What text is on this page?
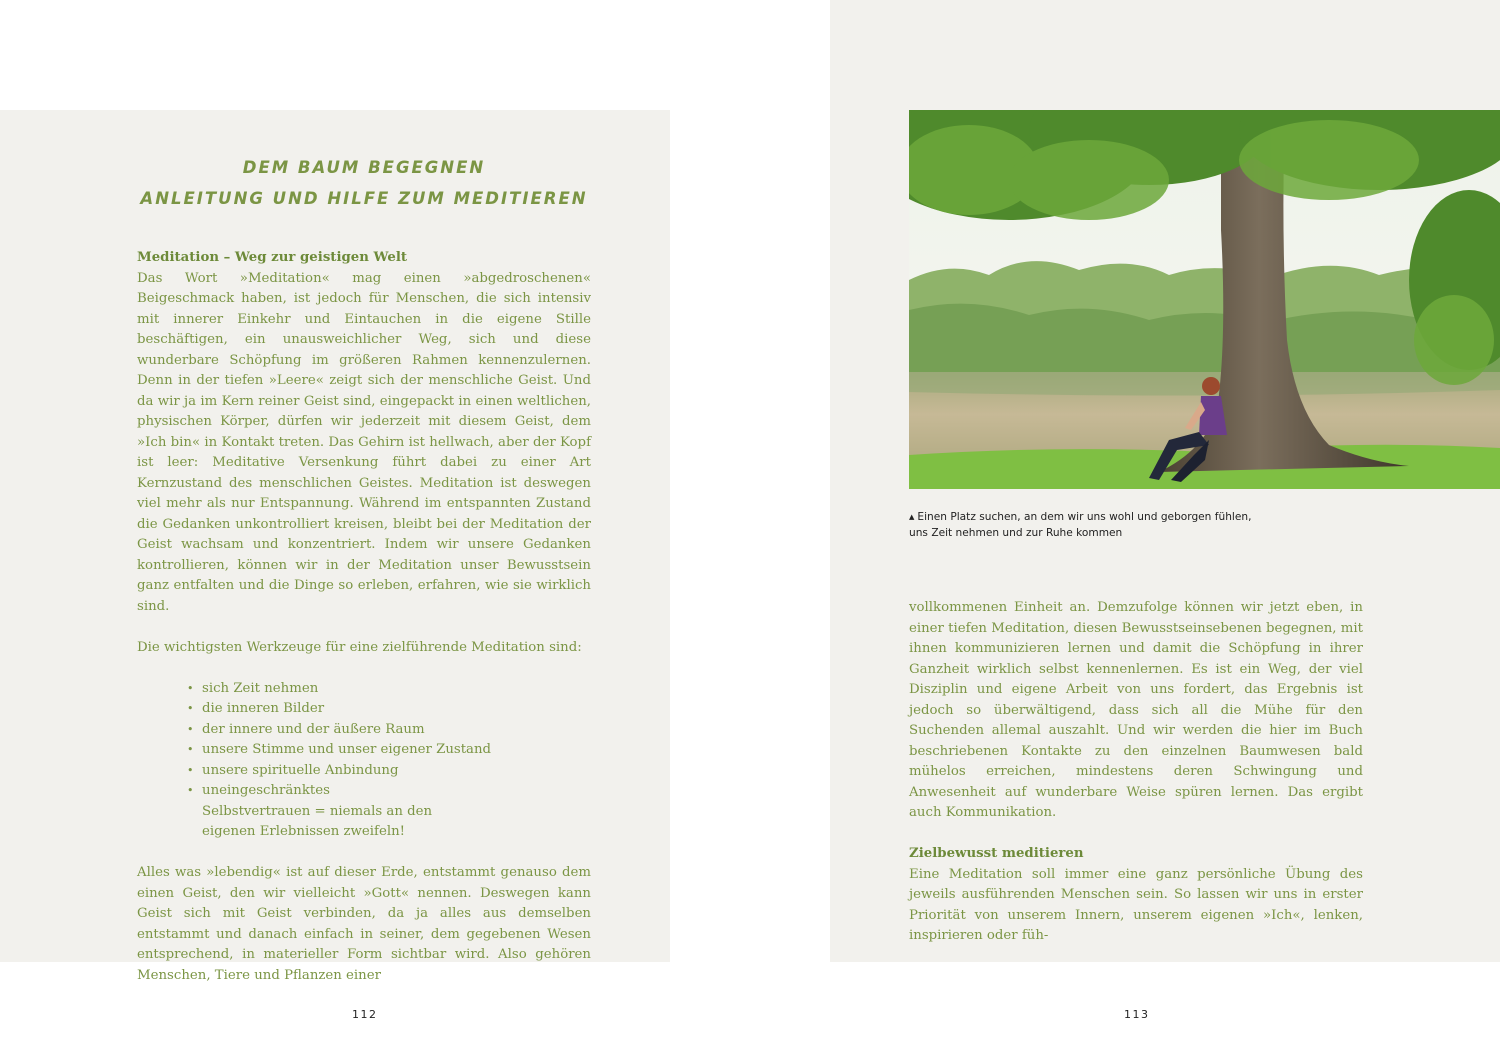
DEM BAUM BEGEGNEN
ANLEITUNG UND HILFE ZUM MEDITIEREN

Meditation – Weg zur geistigen Welt

Das Wort »Meditation« mag einen »abgedroschenen« Beigeschmack haben, ist jedoch für Menschen, die sich intensiv mit innerer Einkehr und Eintauchen in die eigene Stille beschäftigen, ein unausweichlicher Weg, sich und diese wunderbare Schöpfung im größeren Rahmen kennenzulernen. Denn in der tiefen »Leere« zeigt sich der menschliche Geist. Und da wir ja im Kern reiner Geist sind, eingepackt in einen weltlichen, physischen Körper, dürfen wir jederzeit mit diesem Geist, dem »Ich bin« in Kontakt treten. Das Gehirn ist hellwach, aber der Kopf ist leer: Meditative Versenkung führt dabei zu einer Art Kernzustand des menschlichen Geistes. Meditation ist deswegen viel mehr als nur Entspannung. Während im entspannten Zustand die Gedanken unkontrolliert kreisen, bleibt bei der Meditation der Geist wachsam und konzentriert. Indem wir unsere Gedanken kontrollieren, können wir in der Meditation unser Bewusstsein ganz entfalten und die Dinge so erleben, erfahren, wie sie wirklich sind.

Die wichtigsten Werkzeuge für eine zielführende Meditation sind:

• sich Zeit nehmen
• die inneren Bilder
• der innere und der äußere Raum
• unsere Stimme und unser eigener Zustand
• unsere spirituelle Anbindung
• uneingeschränktes Selbstvertrauen = niemals an den eigenen Erlebnissen zweifeln!

Alles was »lebendig« ist auf dieser Erde, entstammt genauso dem einen Geist, den wir vielleicht »Gott« nennen. Deswegen kann Geist sich mit Geist verbinden, da ja alles aus demselben entstammt und danach einfach in seiner, dem gegebenen Wesen entsprechend, in materieller Form sichtbar wird. Also gehören Menschen, Tiere und Pflanzen einer

▲ Einen Platz suchen, an dem wir uns wohl und geborgen fühlen,
uns Zeit nehmen und zur Ruhe kommen

vollkommenen Einheit an. Demzufolge können wir jetzt eben, in einer tiefen Meditation, diesen Bewusstseinsebenen begegnen, mit ihnen kommunizieren lernen und damit die Schöpfung in ihrer Ganzheit wirklich selbst kennenlernen. Es ist ein Weg, der viel Disziplin und eigene Arbeit von uns fordert, das Ergebnis ist jedoch so überwältigend, dass sich all die Mühe für den Suchenden allemal auszahlt. Und wir werden die hier im Buch beschriebenen Kontakte zu den einzelnen Baumwesen bald mühelos erreichen, mindestens deren Schwingung und Anwesenheit auf wunderbare Weise spüren lernen. Das ergibt auch Kommunikation.

Zielbewusst meditieren

Eine Meditation soll immer eine ganz persönliche Übung des jeweils ausführenden Menschen sein. So lassen wir uns in erster Priorität von unserem Innern, unserem eigenen »Ich«, lenken, inspirieren oder füh-

112	113
